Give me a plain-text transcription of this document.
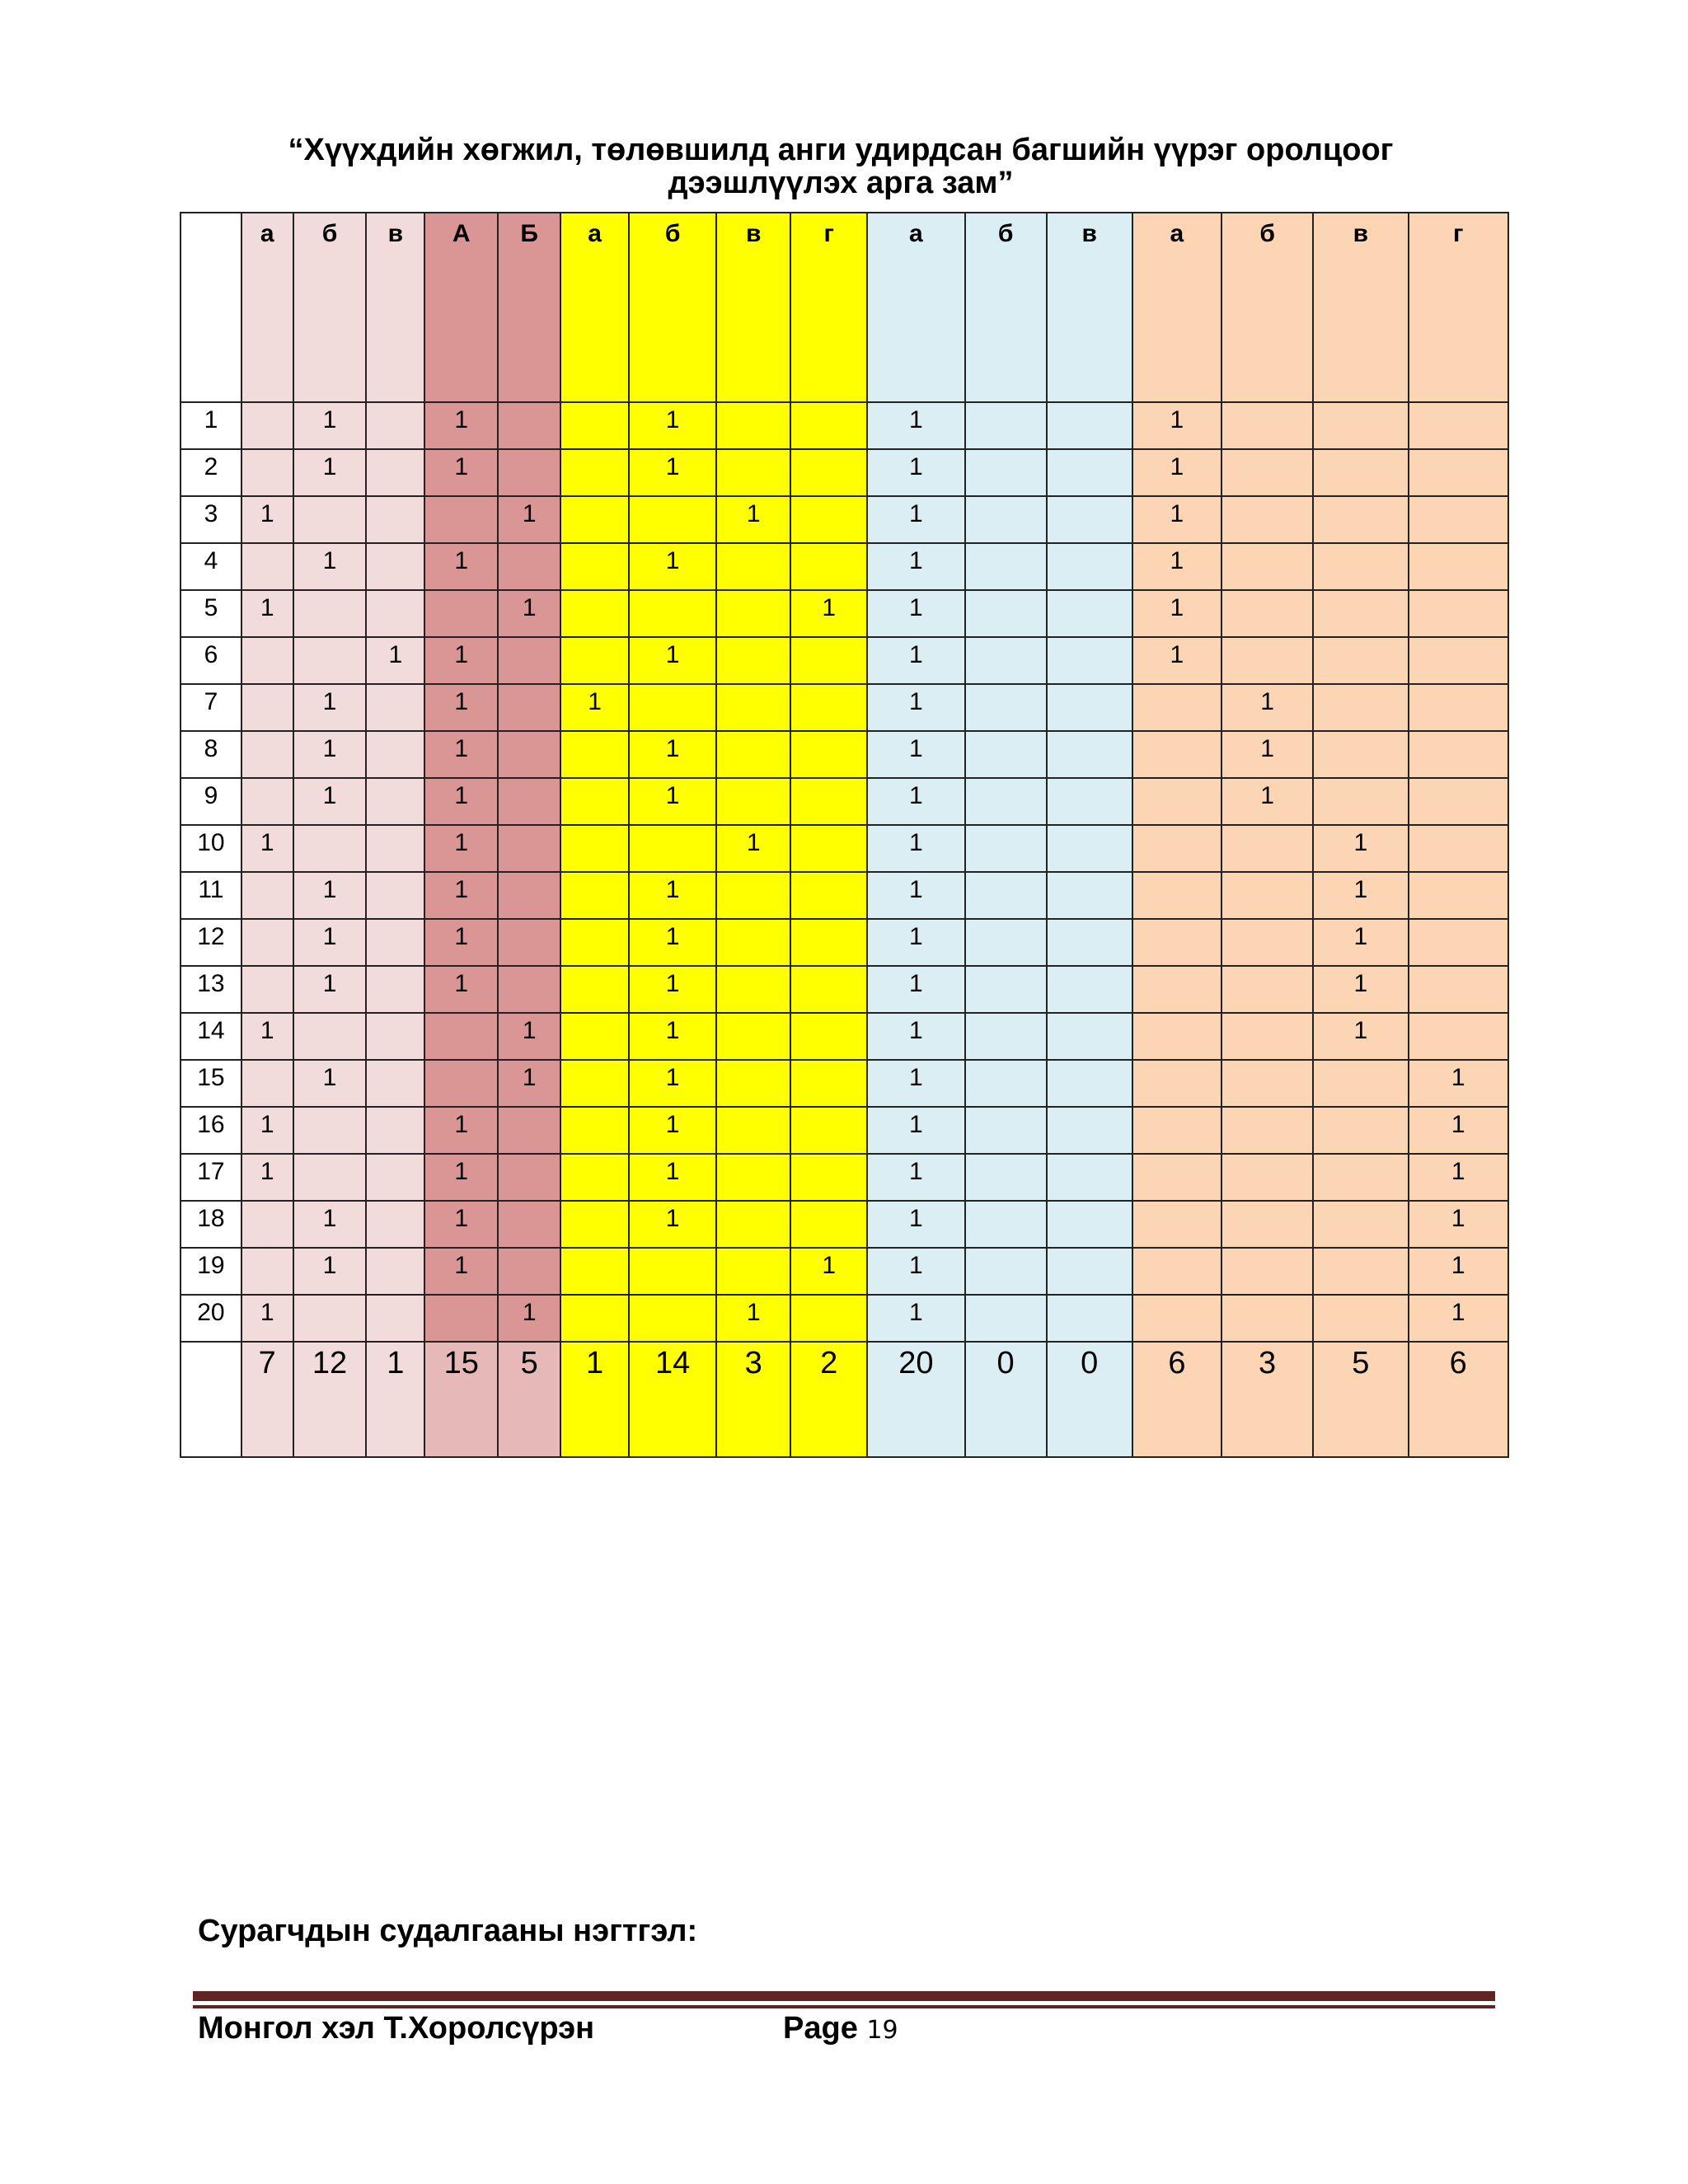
“Хүүхдийн хөгжил, төлөвшилд анги удирдсан багшийн үүрэг оролцоог
дээшлүүлэх арга зам”
	а	б	в	А	Б	а	б	в	г	а	б	в	а	б	в	г
1		1		1			1			1			1			
2		1		1			1			1			1			
3	1				1			1		1			1			
4		1		1			1			1			1			
5	1				1				1	1			1			
6			1	1			1			1			1			
7		1		1		1				1				1		
8		1		1			1			1				1		
9		1		1			1			1				1		
10	1			1				1		1					1	
11		1		1			1			1					1	
12		1		1			1			1					1	
13		1		1			1			1					1	
14	1				1		1			1					1	
15		1			1		1			1						1
16	1			1			1			1						1
17	1			1			1			1						1
18		1		1			1			1						1
19		1		1					1	1						1
20	1				1			1		1						1
	7	12	1	15	5	1	14	3	2	20	0	0	6	3	5	6
Сурагчдын судалгааны нэгтгэл:
Монгол хэл Т.Хоролсүрэн	Page 19
